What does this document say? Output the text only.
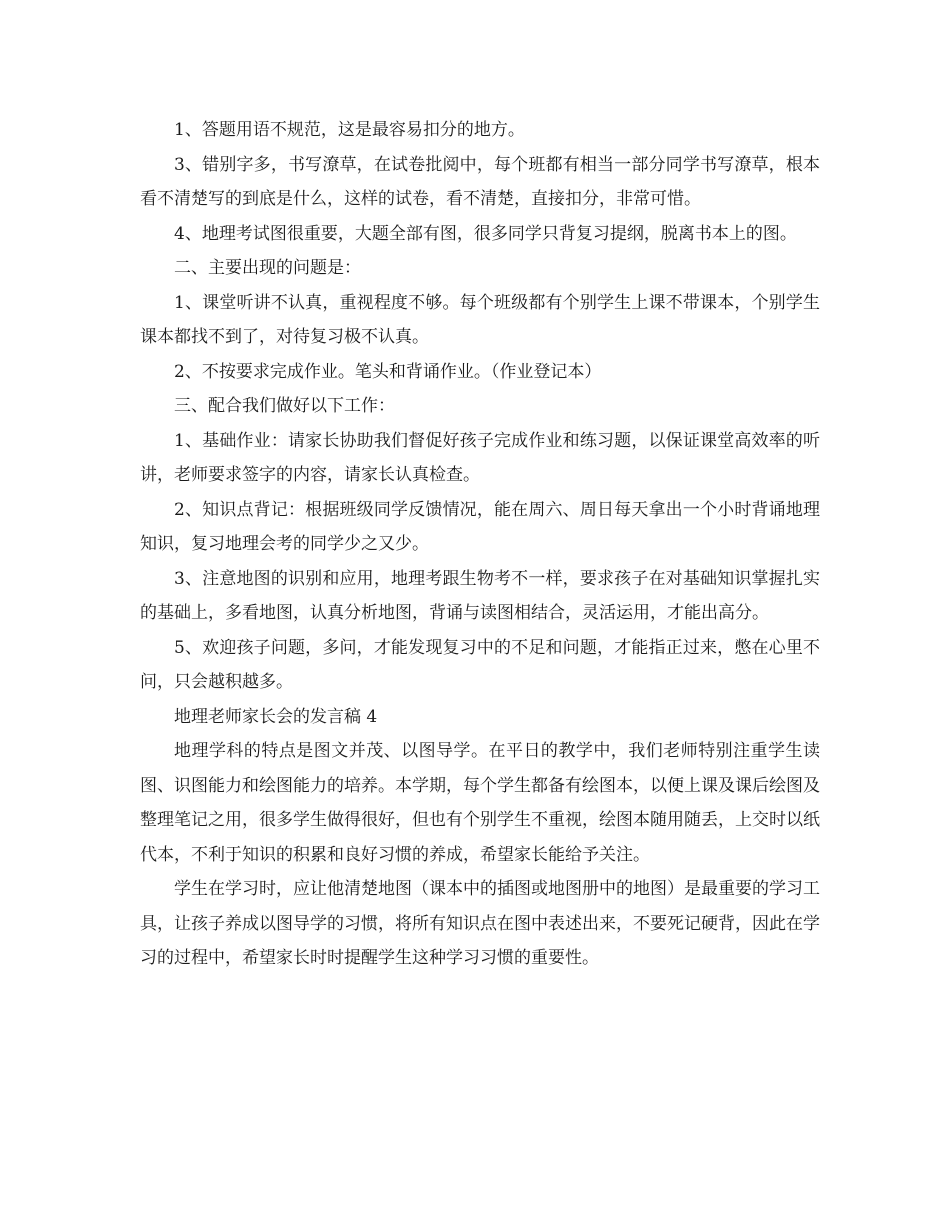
1、答题用语不规范，这是最容易扣分的地方。

3、错别字多，书写潦草，在试卷批阅中，每个班都有相当一部分同学书写潦草，根本看不清楚写的到底是什么，这样的试卷，看不清楚，直接扣分，非常可惜。

4、地理考试图很重要，大题全部有图，很多同学只背复习提纲，脱离书本上的图。

二、主要出现的问题是：

1、课堂听讲不认真，重视程度不够。每个班级都有个别学生上课不带课本，个别学生课本都找不到了，对待复习极不认真。

2、不按要求完成作业。笔头和背诵作业。（作业登记本）

三、配合我们做好以下工作：

1、基础作业：请家长协助我们督促好孩子完成作业和练习题，以保证课堂高效率的听讲，老师要求签字的内容，请家长认真检查。

2、知识点背记：根据班级同学反馈情况，能在周六、周日每天拿出一个小时背诵地理知识，复习地理会考的同学少之又少。

3、注意地图的识别和应用，地理考跟生物考不一样，要求孩子在对基础知识掌握扎实的基础上，多看地图，认真分析地图，背诵与读图相结合，灵活运用，才能出高分。

5、欢迎孩子问题，多问，才能发现复习中的不足和问题，才能指正过来，憋在心里不问，只会越积越多。

地理老师家长会的发言稿 4

地理学科的特点是图文并茂、以图导学。在平日的教学中，我们老师特别注重学生读图、识图能力和绘图能力的培养。本学期，每个学生都备有绘图本，以便上课及课后绘图及整理笔记之用，很多学生做得很好，但也有个别学生不重视，绘图本随用随丢，上交时以纸代本，不利于知识的积累和良好习惯的养成，希望家长能给予关注。

学生在学习时，应让他清楚地图（课本中的插图或地图册中的地图）是最重要的学习工具，让孩子养成以图导学的习惯，将所有知识点在图中表述出来，不要死记硬背，因此在学习的过程中，希望家长时时提醒学生这种学习习惯的重要性。
